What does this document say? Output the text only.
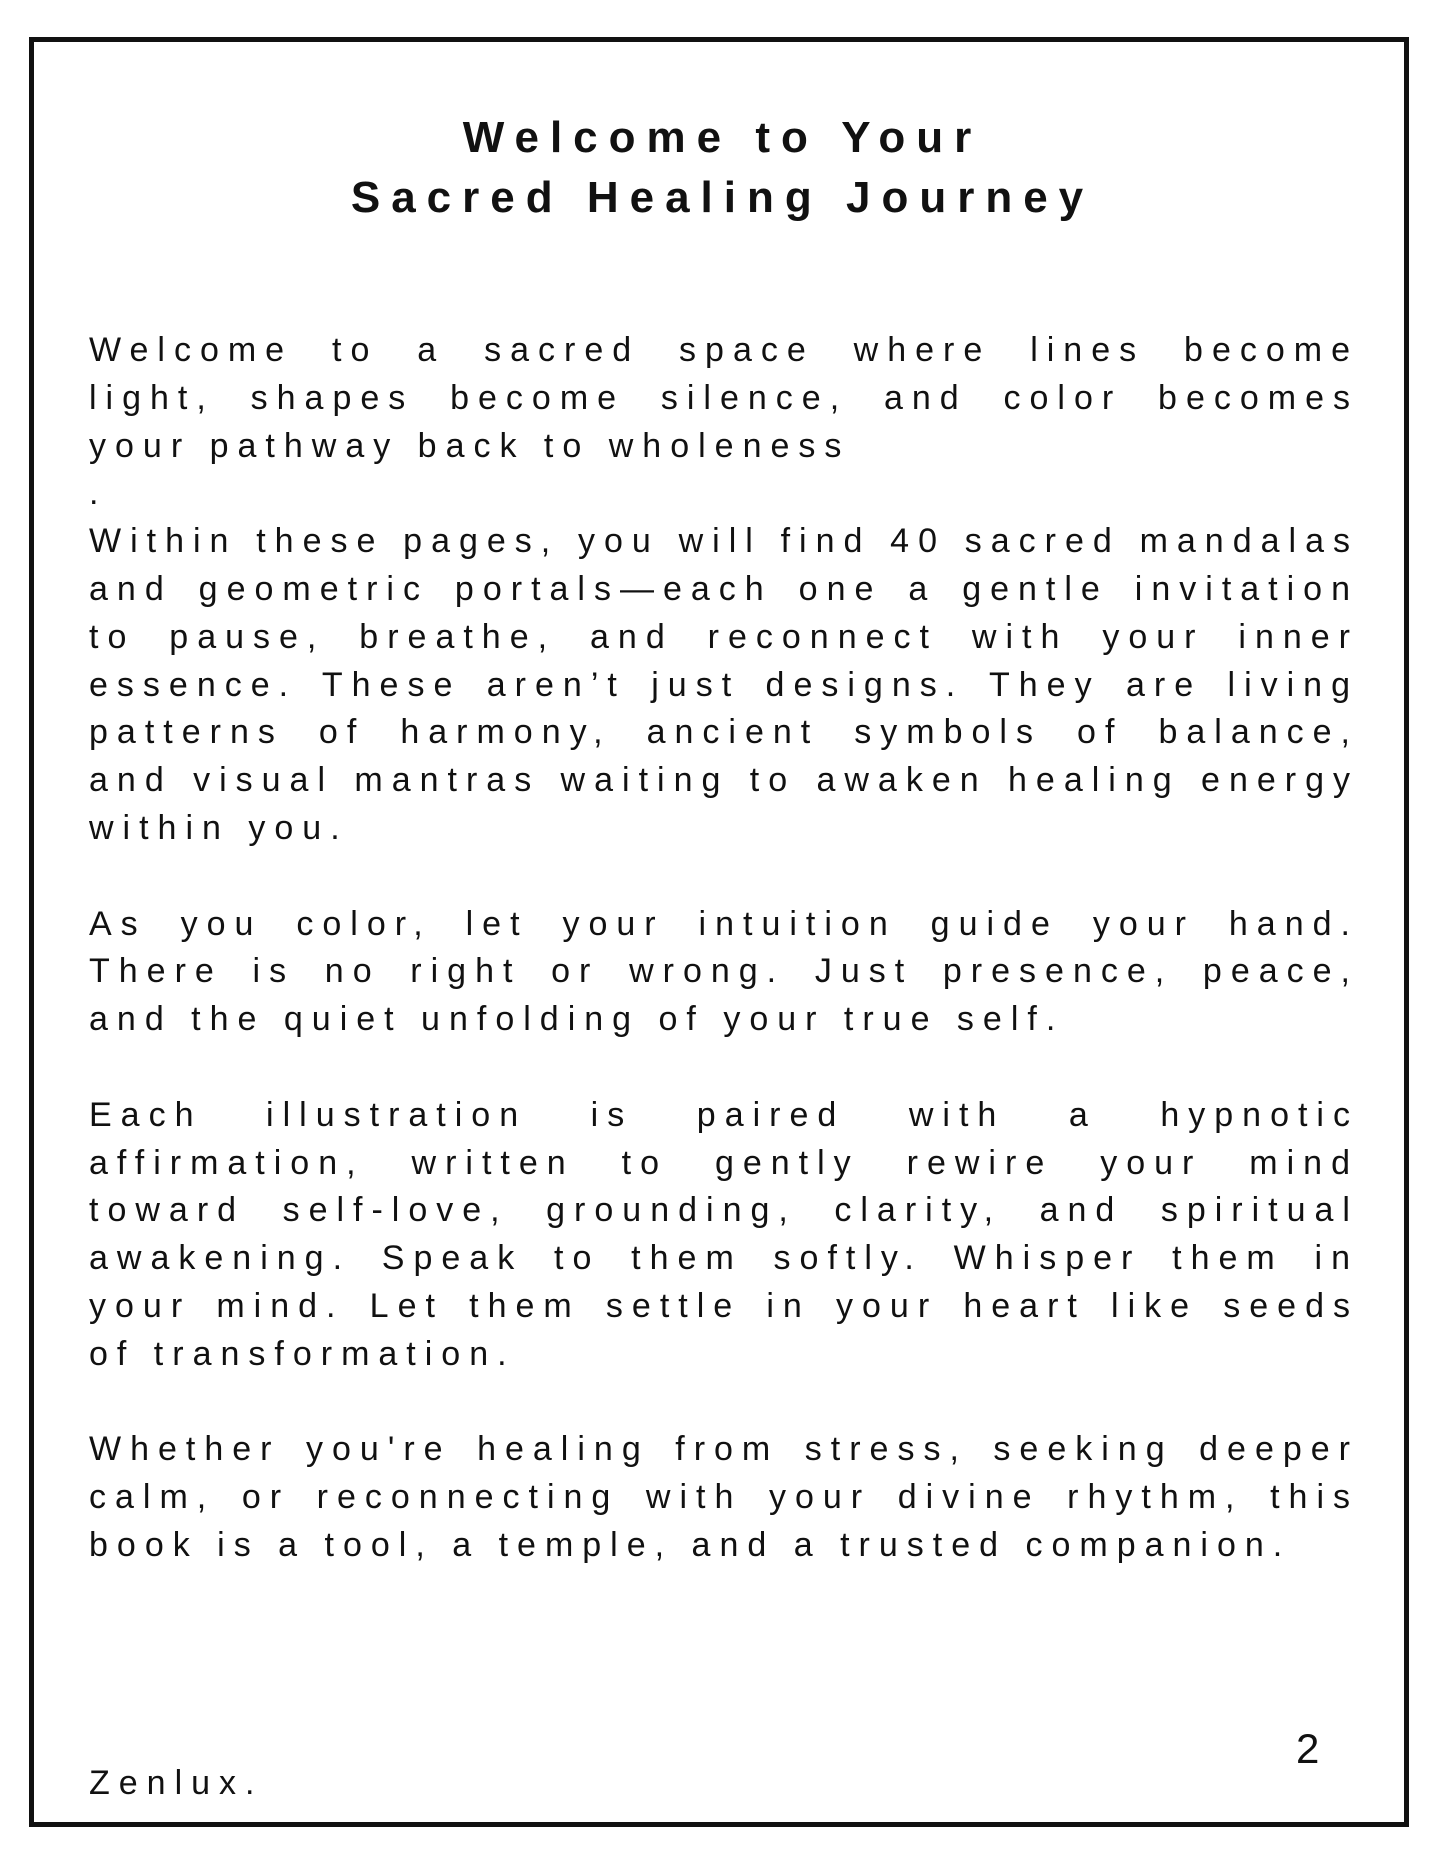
Welcome to Your
Sacred Healing Journey

Welcome to a sacred space where lines become light, shapes become silence, and color becomes your pathway back to wholeness

.

Within these pages, you will find 40 sacred mandalas and geometric portals—each one a gentle invitation to pause, breathe, and reconnect with your inner essence. These aren’t just designs. They are living patterns of harmony, ancient symbols of balance, and visual mantras waiting to awaken healing energy within you.

As you color, let your intuition guide your hand. There is no right or wrong. Just presence, peace, and the quiet unfolding of your true self.

Each illustration is paired with a hypnotic affirmation, written to gently rewire your mind toward self-love, grounding, clarity, and spiritual awakening. Speak to them softly. Whisper them in your mind. Let them settle in your heart like seeds of transformation.

Whether you're healing from stress, seeking deeper calm, or reconnecting with your divine rhythm, this book is a tool, a temple, and a trusted companion.

2

Zenlux.
